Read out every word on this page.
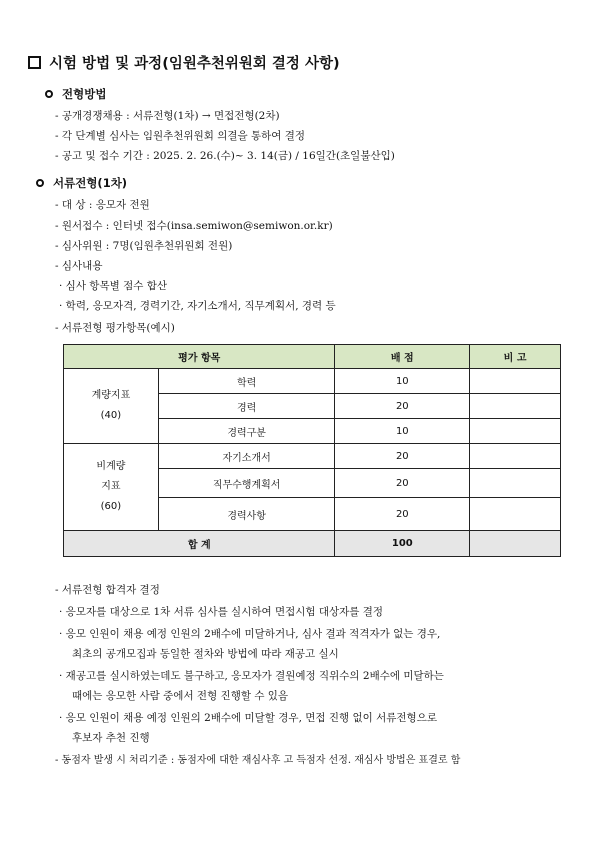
시험 방법 및 과정(임원추천위원회 결정 사항)
전형방법
- 공개경쟁채용 : 서류전형(1차) → 면접전형(2차)
- 각 단계별 심사는 임원추천위원회 의결을 통하여 결정
- 공고 및 접수 기간 : 2025. 2. 26.(수)~ 3. 14(금) / 16일간(초일불산입)
서류전형(1차)
- 대 상 : 응모자 전원
- 원서접수 : 인터넷 접수(insa.semiwon@semiwon.or.kr)
- 심사위원 : 7명(임원추천위원회 전원)
- 심사내용
· 심사 항목별 점수 합산
· 학력, 응모자격, 경력기간, 자기소개서, 직무계획서, 경력 등
- 서류전형 평가항목(예시)
평가 항목		배 점	비 고

계량지표
(40)	학력	10	
	경력	20	
	경력구분	10	

비계량
지표
(60)	자기소개서	20	
	직무수행계획서	20	
	경력사항	20	
합 계		100	
- 서류전형 합격자 결정
· 응모자를 대상으로 1차 서류 심사를 실시하여 면접시험 대상자를 결정
· 응모 인원이 채용 예정 인원의 2배수에 미달하거나, 심사 결과 적격자가 없는 경우,
최초의 공개모집과 동일한 절차와 방법에 따라 재공고 실시
· 재공고를 실시하였는데도 불구하고, 응모자가 결원예정 직위수의 2배수에 미달하는
때에는 응모한 사람 중에서 전형 진행할 수 있음
· 응모 인원이 채용 예정 인원의 2배수에 미달할 경우, 면접 진행 없이 서류전형으로
후보자 추천 진행
- 동점자 발생 시 처리기준 : 동점자에 대한 재심사후 고 득점자 선정. 재심사 방법은 표결로 함
